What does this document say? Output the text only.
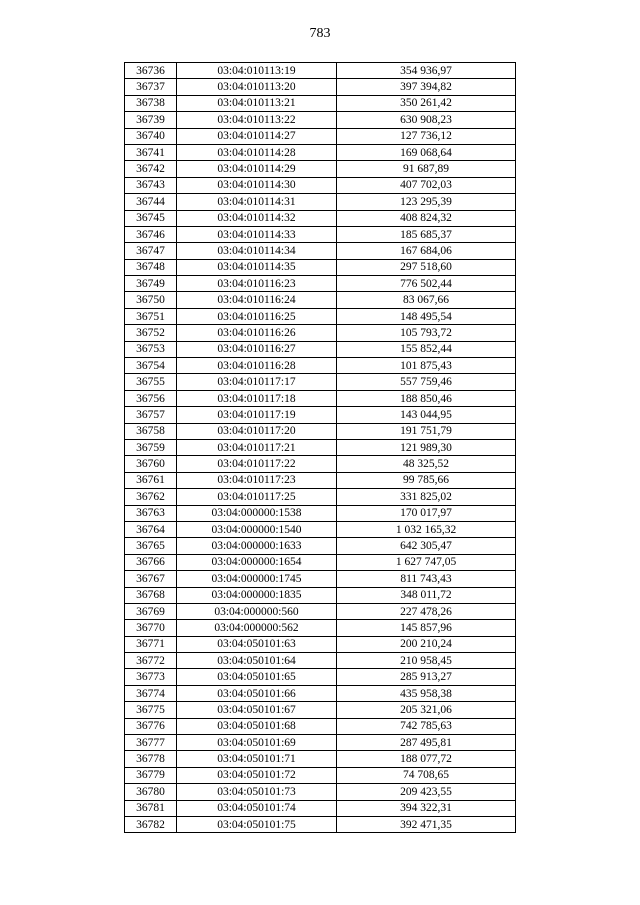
783
36736	03:04:010113:19	354 936,97
36737	03:04:010113:20	397 394,82
36738	03:04:010113:21	350 261,42
36739	03:04:010113:22	630 908,23
36740	03:04:010114:27	127 736,12
36741	03:04:010114:28	169 068,64
36742	03:04:010114:29	91 687,89
36743	03:04:010114:30	407 702,03
36744	03:04:010114:31	123 295,39
36745	03:04:010114:32	408 824,32
36746	03:04:010114:33	185 685,37
36747	03:04:010114:34	167 684,06
36748	03:04:010114:35	297 518,60
36749	03:04:010116:23	776 502,44
36750	03:04:010116:24	83 067,66
36751	03:04:010116:25	148 495,54
36752	03:04:010116:26	105 793,72
36753	03:04:010116:27	155 852,44
36754	03:04:010116:28	101 875,43
36755	03:04:010117:17	557 759,46
36756	03:04:010117:18	188 850,46
36757	03:04:010117:19	143 044,95
36758	03:04:010117:20	191 751,79
36759	03:04:010117:21	121 989,30
36760	03:04:010117:22	48 325,52
36761	03:04:010117:23	99 785,66
36762	03:04:010117:25	331 825,02
36763	03:04:000000:1538	170 017,97
36764	03:04:000000:1540	1 032 165,32
36765	03:04:000000:1633	642 305,47
36766	03:04:000000:1654	1 627 747,05
36767	03:04:000000:1745	811 743,43
36768	03:04:000000:1835	348 011,72
36769	03:04:000000:560	227 478,26
36770	03:04:000000:562	145 857,96
36771	03:04:050101:63	200 210,24
36772	03:04:050101:64	210 958,45
36773	03:04:050101:65	285 913,27
36774	03:04:050101:66	435 958,38
36775	03:04:050101:67	205 321,06
36776	03:04:050101:68	742 785,63
36777	03:04:050101:69	287 495,81
36778	03:04:050101:71	188 077,72
36779	03:04:050101:72	74 708,65
36780	03:04:050101:73	209 423,55
36781	03:04:050101:74	394 322,31
36782	03:04:050101:75	392 471,35
